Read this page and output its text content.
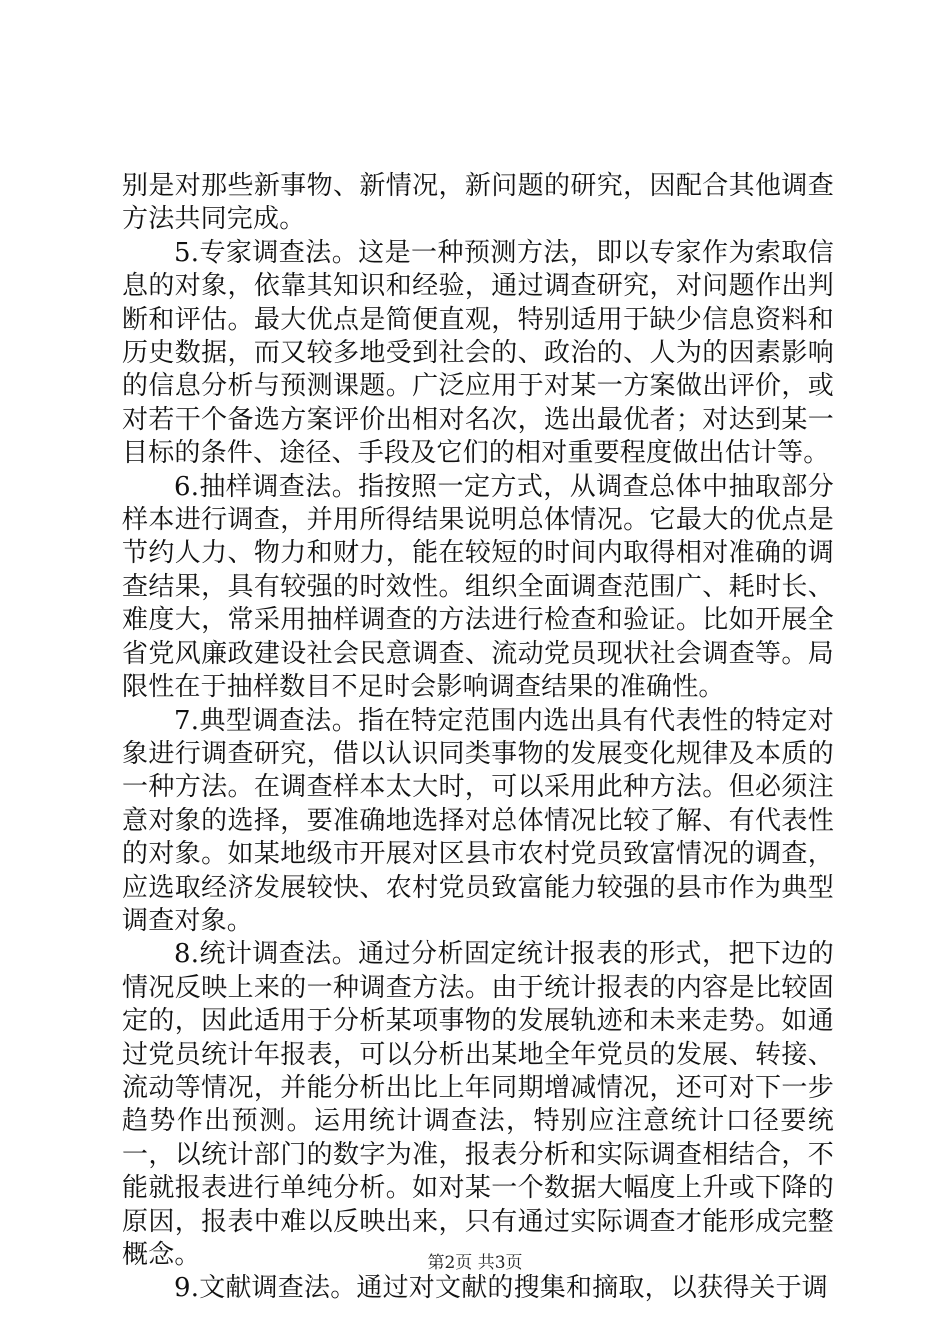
别是对那些新事物、新情况，新问题的研究，因配合其他调查方法共同完成。

5.专家调查法。这是一种预测方法，即以专家作为索取信息的对象，依靠其知识和经验，通过调查研究，对问题作出判断和评估。最大优点是简便直观，特别适用于缺少信息资料和历史数据，而又较多地受到社会的、政治的、人为的因素影响的信息分析与预测课题。广泛应用于对某一方案做出评价，或对若干个备选方案评价出相对名次，选出最优者；对达到某一目标的条件、途径、手段及它们的相对重要程度做出估计等。

6.抽样调查法。指按照一定方式，从调查总体中抽取部分样本进行调查，并用所得结果说明总体情况。它最大的优点是节约人力、物力和财力，能在较短的时间内取得相对准确的调查结果，具有较强的时效性。组织全面调查范围广、耗时长、难度大，常采用抽样调查的方法进行检查和验证。比如开展全省党风廉政建设社会民意调查、流动党员现状社会调查等。局限性在于抽样数目不足时会影响调查结果的准确性。

7.典型调查法。指在特定范围内选出具有代表性的特定对象进行调查研究，借以认识同类事物的发展变化规律及本质的一种方法。在调查样本太大时，可以采用此种方法。但必须注意对象的选择，要准确地选择对总体情况比较了解、有代表性的对象。如某地级市开展对区县市农村党员致富情况的调查，应选取经济发展较快、农村党员致富能力较强的县市作为典型调查对象。

8.统计调查法。通过分析固定统计报表的形式，把下边的情况反映上来的一种调查方法。由于统计报表的内容是比较固定的，因此适用于分析某项事物的发展轨迹和未来走势。如通过党员统计年报表，可以分析出某地全年党员的发展、转接、流动等情况，并能分析出比上年同期增减情况，还可对下一步趋势作出预测。运用统计调查法，特别应注意统计口径要统一，以统计部门的数字为准，报表分析和实际调查相结合，不能就报表进行单纯分析。如对某一个数据大幅度上升或下降的原因，报表中难以反映出来，只有通过实际调查才能形成完整概念。

9.文献调查法。通过对文献的搜集和摘取，以获得关于调

第2页 共3页
